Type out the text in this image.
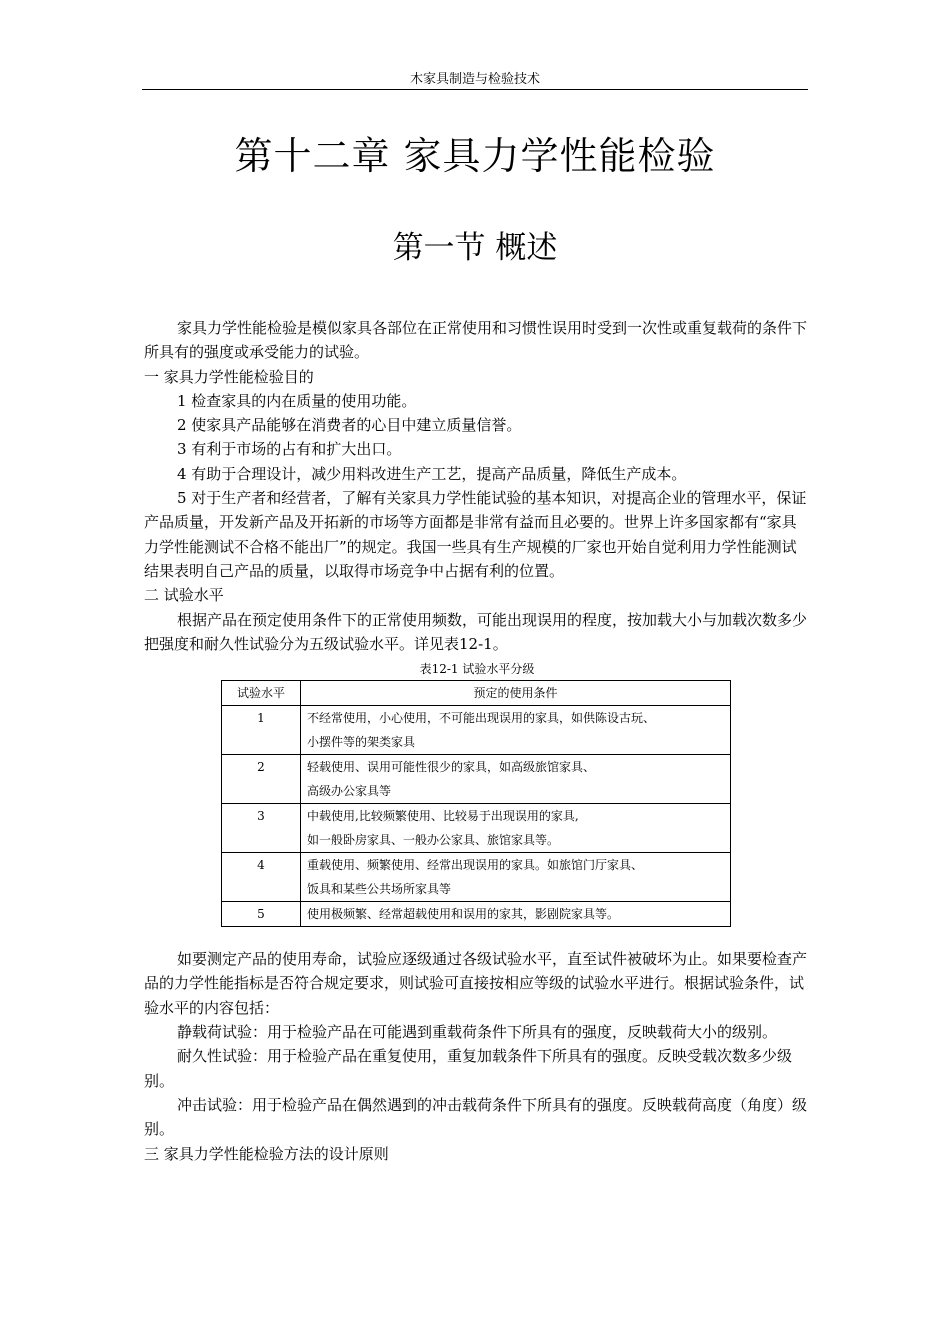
木家具制造与检验技术
第十二章 家具力学性能检验
第一节 概述

家具力学性能检验是模似家具各部位在正常使用和习惯性误用时受到一次性或重复载荷的条件下所具有的强度或承受能力的试验。

一 家具力学性能检验目的

1 检查家具的内在质量的使用功能。

2 使家具产品能够在消费者的心目中建立质量信誉。

3 有利于市场的占有和扩大出口。

4 有助于合理设计，减少用料改进生产工艺，提高产品质量，降低生产成本。

5 对于生产者和经营者，了解有关家具力学性能试验的基本知识，对提高企业的管理水平，保证产品质量，开发新产品及开拓新的市场等方面都是非常有益而且必要的。世界上许多国家都有“家具力学性能测试不合格不能出厂”的规定。我国一些具有生产规模的厂家也开始自觉利用力学性能测试结果表明自己产品的质量，以取得市场竞争中占据有利的位置。

二 试验水平

根据产品在预定使用条件下的正常使用频数，可能出现误用的程度，按加载大小与加载次数多少把强度和耐久性试验分为五级试验水平。详见表12-1。

表12-1 试验水平分级
试验水平	预定的使用条件
1	不经常使用，小心使用，不可能出现误用的家具，如供陈设古玩、
小摆件等的架类家具

2	轻载使用、误用可能性很少的家具，如高级旅馆家具、
高级办公家具等

3	中载使用,比较频繁使用、比较易于出现误用的家具,
如一般卧房家具、一般办公家具、旅馆家具等。

4	重载使用、频繁使用、经常出现误用的家具。如旅馆门厅家具、
饭具和某些公共场所家具等

5	使用极频繁、经常超载使用和误用的家其，影剧院家具等。

如要测定产品的使用寿命，试验应逐级通过各级试验水平，直至试件被破坏为止。如果要检查产品的力学性能指标是否符合规定要求，则试验可直接按相应等级的试验水平进行。根据试验条件，试验水平的内容包括：

静载荷试验：用于检验产品在可能遇到重载荷条件下所具有的强度，反映载荷大小的级别。

耐久性试验：用于检验产品在重复使用，重复加载条件下所具有的强度。反映受载次数多少级别。

冲击试验：用于检验产品在偶然遇到的冲击载荷条件下所具有的强度。反映载荷高度（角度）级别。

三 家具力学性能检验方法的设计原则
